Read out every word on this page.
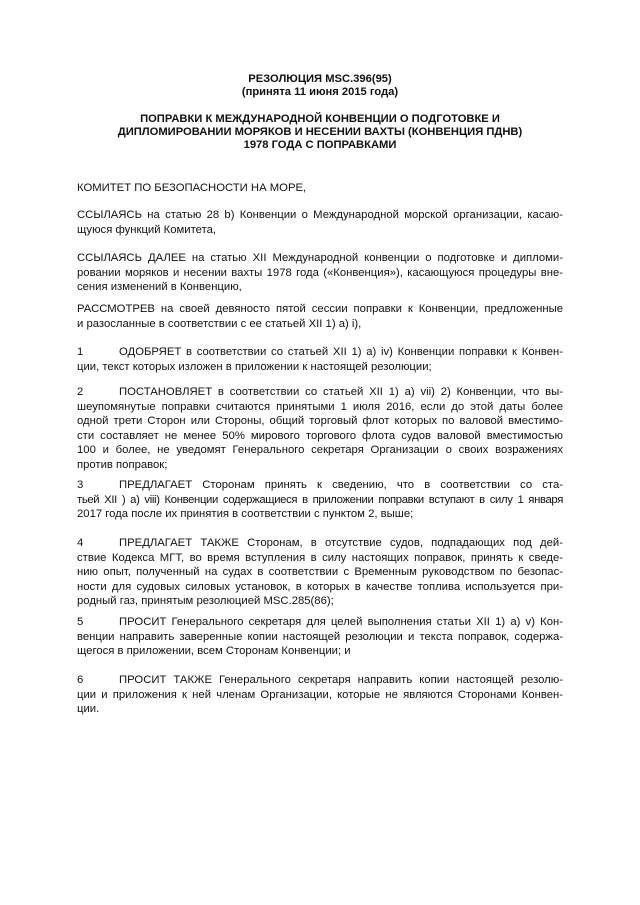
РЕЗОЛЮЦИЯ MSC.396(95)
(принята 11 июня 2015 года)
ПОПРАВКИ К МЕЖДУНАРОДНОЙ КОНВЕНЦИИ О ПОДГОТОВКЕ И
ДИПЛОМИРОВАНИИ МОРЯКОВ И НЕСЕНИИ ВАХТЫ (КОНВЕНЦИЯ ПДНВ)
1978 ГОДА С ПОПРАВКАМИ
КОМИТЕТ ПО БЕЗОПАСНОСТИ НА МОРЕ,
ССЫЛАЯСЬ на статью 28 b) Конвенции о Международной морской организации, касаю-
щуюся функций Комитета,
ССЫЛАЯСЬ ДАЛЕЕ на статью XII Международной конвенции о подготовке и дипломи-
ровании моряков и несении вахты 1978 года («Конвенция»), касающуюся процедуры вне-
сения изменений в Конвенцию,
РАССМОТРЕВ на своей девяносто пятой сессии поправки к Конвенции, предложенные
и разосланные в соответствии с ее статьей XII 1) a) i),
1	ОДОБРЯЕТ в соответствии со статьей XII 1) a) iv) Конвенции поправки к Конвен-
ции, текст которых изложен в приложении к настоящей резолюции;
2	ПОСТАНОВЛЯЕТ в соответствии со статьей XII 1) a) vii) 2) Конвенции, что вы-
шеупомянутые поправки считаются принятыми 1 июля 2016, если до этой даты более
одной трети Сторон или Стороны, общий торговый флот которых по валовой вместимо-
сти составляет не менее 50% мирового торгового флота судов валовой вместимостью
100 и более, не уведомят Генерального секретаря Организации о своих возражениях
против поправок;
3	ПРЕДЛАГАЕТ Сторонам принять к сведению, что в соответствии со ста-
тьей XII ) a) viii) Конвенции содержащиеся в приложении поправки вступают в силу 1 января
2017 года после их принятия в соответствии с пунктом 2, выше;
4	ПРЕДЛАГАЕТ ТАКЖЕ Сторонам, в отсутствие судов, подпадающих под дей-
ствие Кодекса МГТ, во время вступления в силу настоящих поправок, принять к сведе-
нию опыт, полученный на судах в соответствии с Временным руководством по безопас-
ности для судовых силовых установок, в которых в качестве топлива используется при-
родный газ, принятым резолюцией MSC.285(86);
5	ПРОСИТ Генерального секретаря для целей выполнения статьи XII 1) a) v) Кон-
венции направить заверенные копии настоящей резолюции и текста поправок, содержа-
щегося в приложении, всем Сторонам Конвенции; и
6	ПРОСИТ ТАКЖЕ Генерального секретаря направить копии настоящей резолю-
ции и приложения к ней членам Организации, которые не являются Сторонами Конвен-
ции.
